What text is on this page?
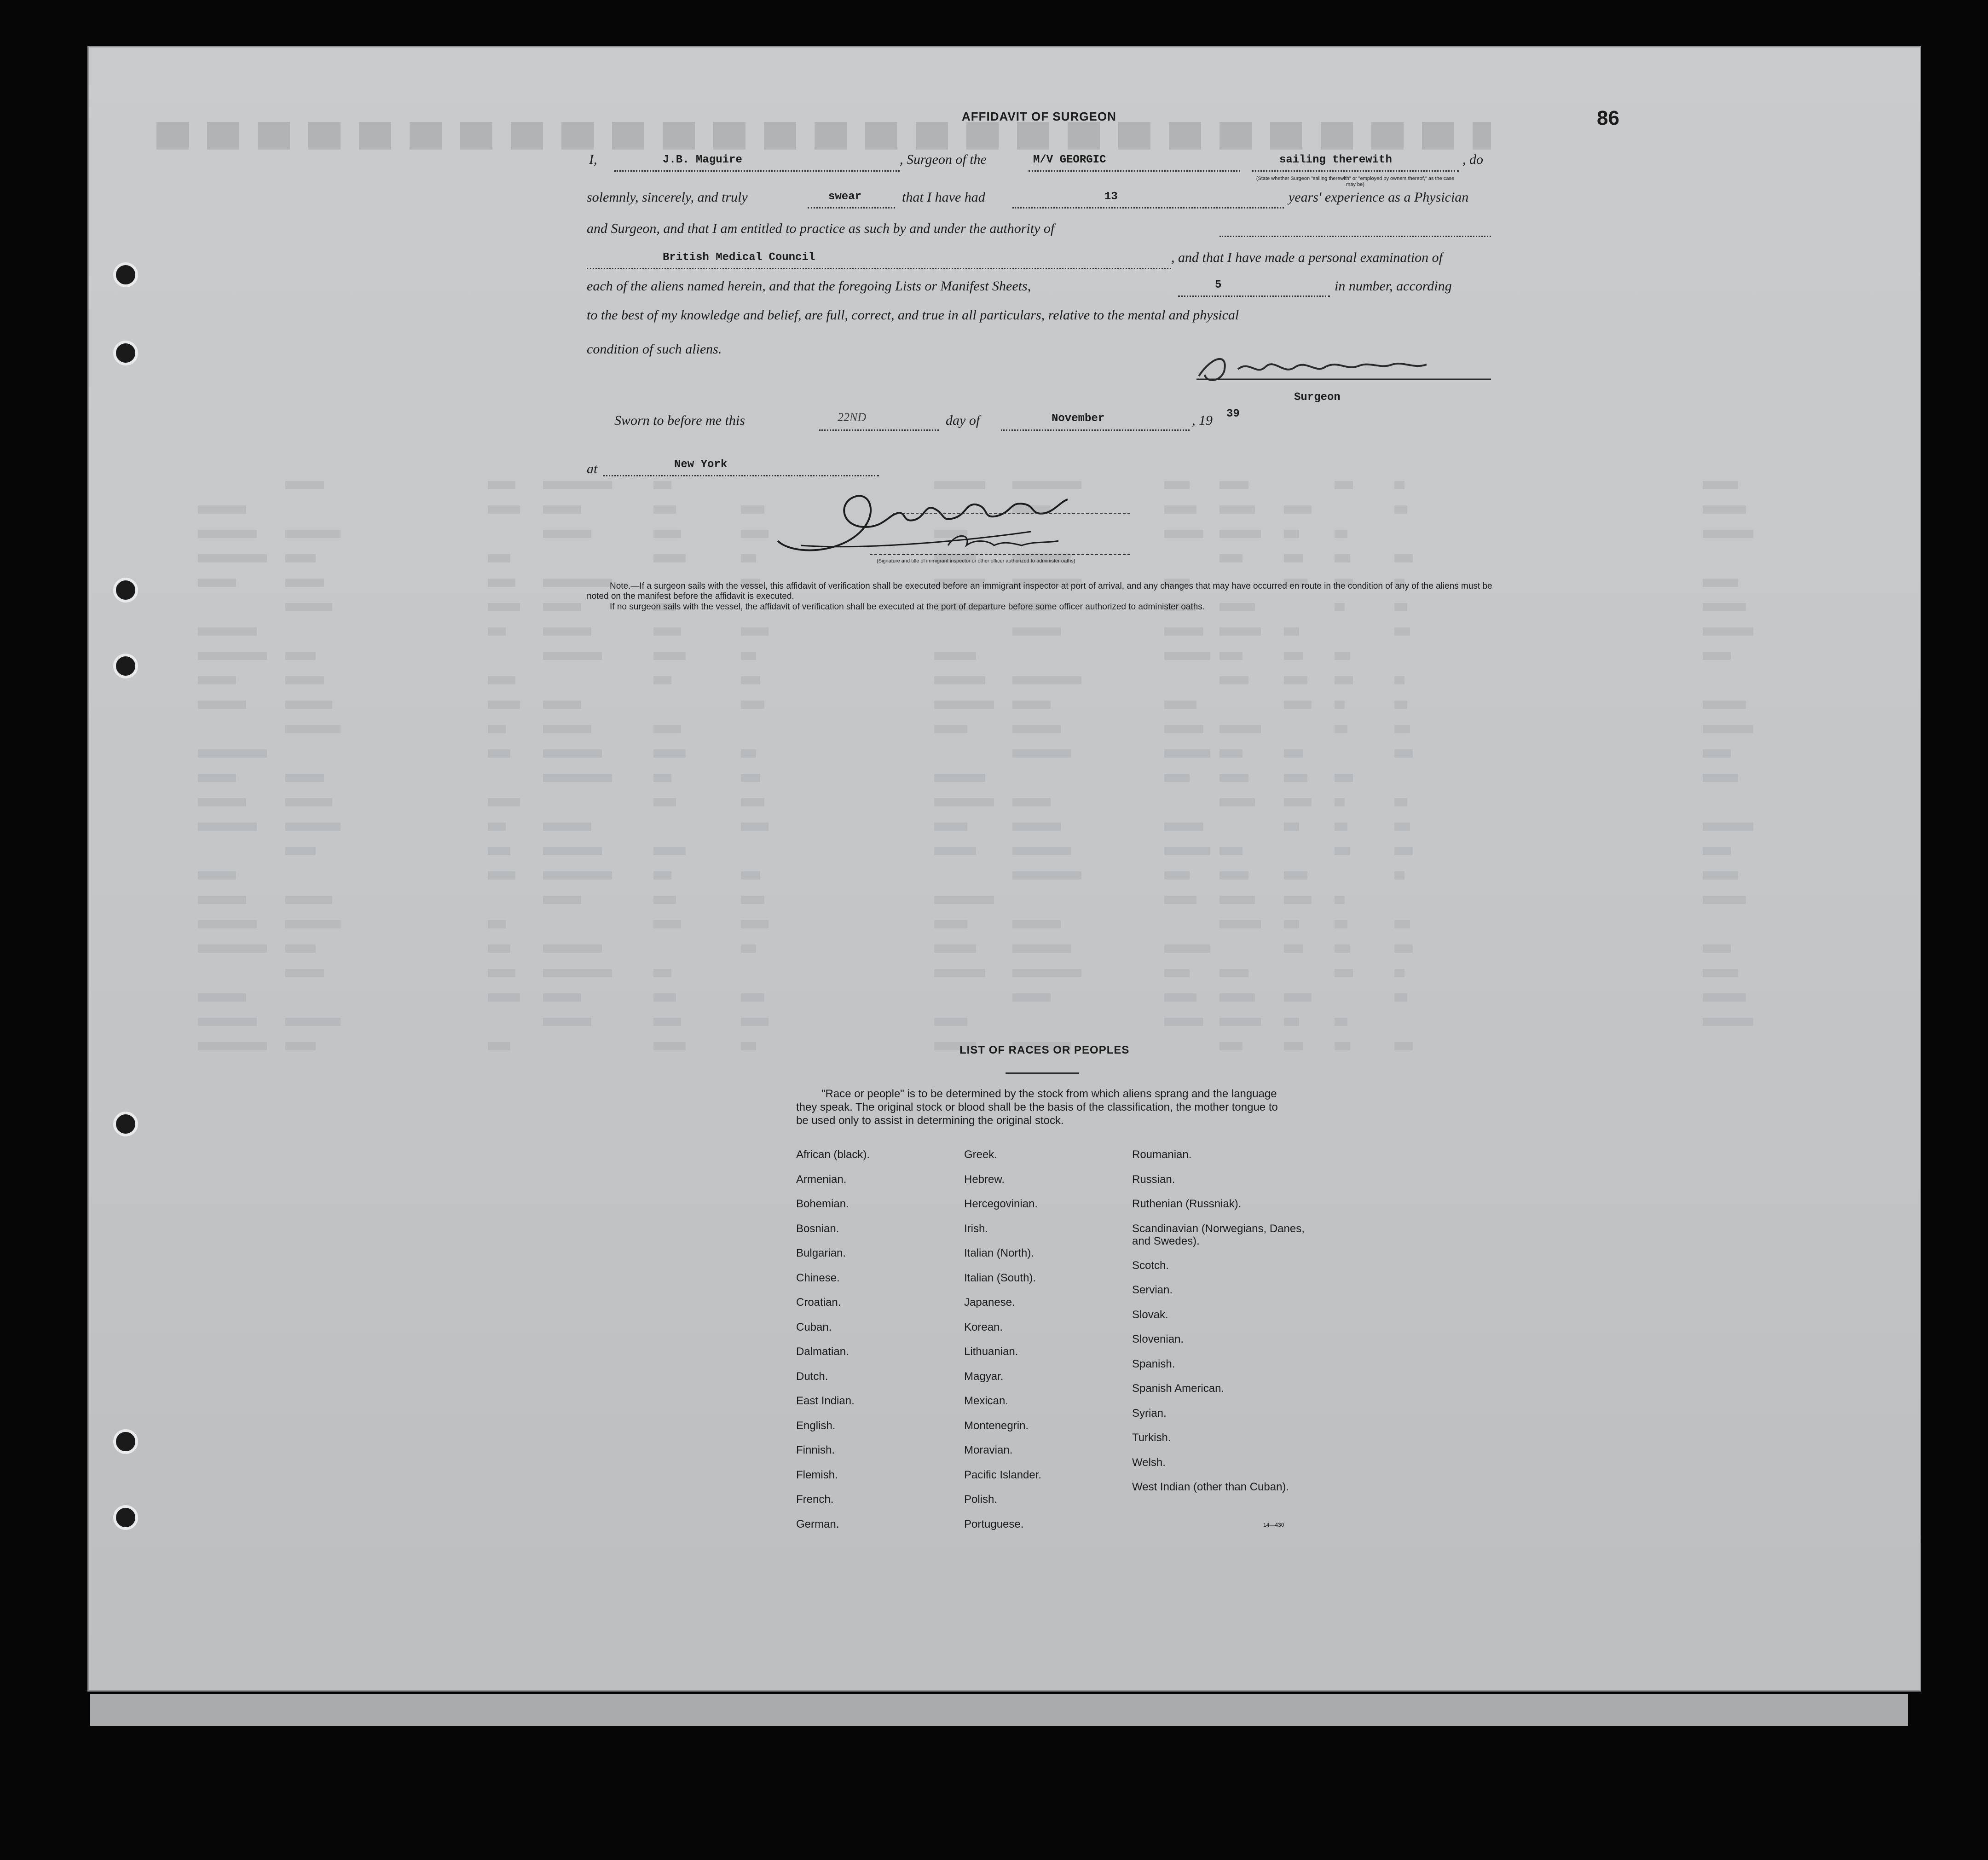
86
AFFIDAVIT OF SURGEON
I,	J.B. Maguire	, Surgeon of the	M/V GEORGIC	sailing therewith	, do
(State whether Surgeon "sailing therewith" or "employed by owners thereof," as the case may be)
solemnly, sincerely, and truly	swear	that I have had	13	years' experience as a Physician
and Surgeon, and that I am entitled to practice as such by and under the authority of
British Medical Council	, and that I have made a personal examination of
each of the aliens named herein, and that the foregoing Lists or Manifest Sheets,	5	in number, according
to the best of my knowledge and belief, are full, correct, and true in all particulars, relative to the mental and physical
condition of such aliens.
Surgeon
Sworn to before me this	22ND	day of	November	, 19 39
at	New York
(Signature and title of immigrant inspector or other officer authorized to administer oaths)
Note.—If a surgeon sails with the vessel, this affidavit of verification shall be executed before an immigrant inspector at port of arrival, and any changes that may have occurred en route in the condition of any of the aliens must be noted on the manifest before the affidavit is executed.
If no surgeon sails with the vessel, the affidavit of verification shall be executed at the port of departure before some officer authorized to administer oaths.
LIST OF RACES OR PEOPLES
"Race or people" is to be determined by the stock from which aliens sprang and the language they speak. The original stock or blood shall be the basis of the classification, the mother tongue to be used only to assist in determining the original stock.
African (black).
Armenian.
Bohemian.
Bosnian.
Bulgarian.
Chinese.
Croatian.
Cuban.
Dalmatian.
Dutch.
East Indian.
English.
Finnish.
Flemish.
French.
German.
Greek.
Hebrew.
Hercegovinian.
Irish.
Italian (North).
Italian (South).
Japanese.
Korean.
Lithuanian.
Magyar.
Mexican.
Montenegrin.
Moravian.
Pacific Islander.
Polish.
Portuguese.
Roumanian.
Russian.
Ruthenian (Russniak).
Scandinavian (Norwegians, Danes, and Swedes).
Scotch.
Servian.
Slovak.
Slovenian.
Spanish.
Spanish American.
Syrian.
Turkish.
Welsh.
West Indian (other than Cuban).
14—430
